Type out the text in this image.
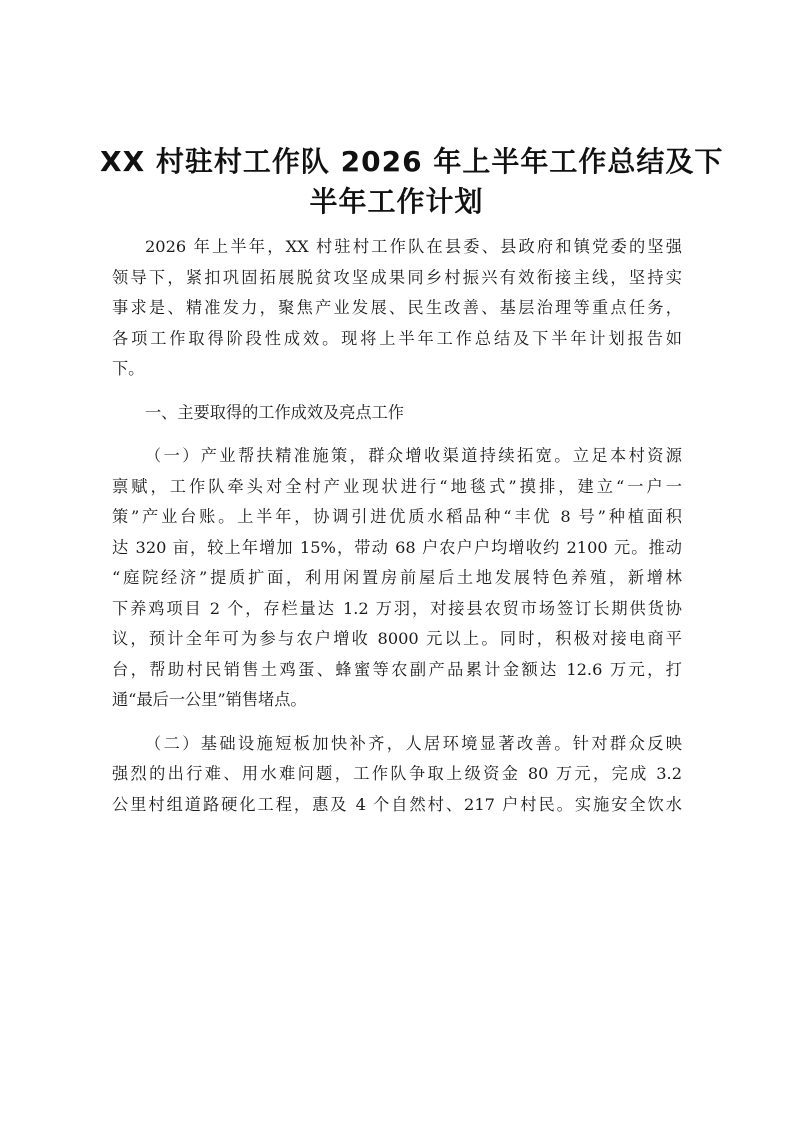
XX 村驻村工作队 2026 年上半年工作总结及下
半年工作计划
2026 年上半年，XX 村驻村工作队在县委、县政府和镇党委的坚强
领导下，紧扣巩固拓展脱贫攻坚成果同乡村振兴有效衔接主线，坚持实
事求是、精准发力，聚焦产业发展、民生改善、基层治理等重点任务，
各项工作取得阶段性成效。现将上半年工作总结及下半年计划报告如
下。
一、主要取得的工作成效及亮点工作
（一）产业帮扶精准施策，群众增收渠道持续拓宽。立足本村资源
禀赋，工作队牵头对全村产业现状进行“地毯式”摸排，建立“一户一
策”产业台账。上半年，协调引进优质水稻品种“丰优 8 号”种植面积
达 320 亩，较上年增加 15%，带动 68 户农户户均增收约 2100 元。推动
“庭院经济”提质扩面，利用闲置房前屋后土地发展特色养殖，新增林
下养鸡项目 2 个，存栏量达 1.2 万羽，对接县农贸市场签订长期供货协
议，预计全年可为参与农户增收 8000 元以上。同时，积极对接电商平
台，帮助村民销售土鸡蛋、蜂蜜等农副产品累计金额达 12.6 万元，打
通“最后一公里”销售堵点。
（二）基础设施短板加快补齐，人居环境显著改善。针对群众反映
强烈的出行难、用水难问题，工作队争取上级资金 80 万元，完成 3.2
公里村组道路硬化工程，惠及 4 个自然村、217 户村民。实施安全饮水
